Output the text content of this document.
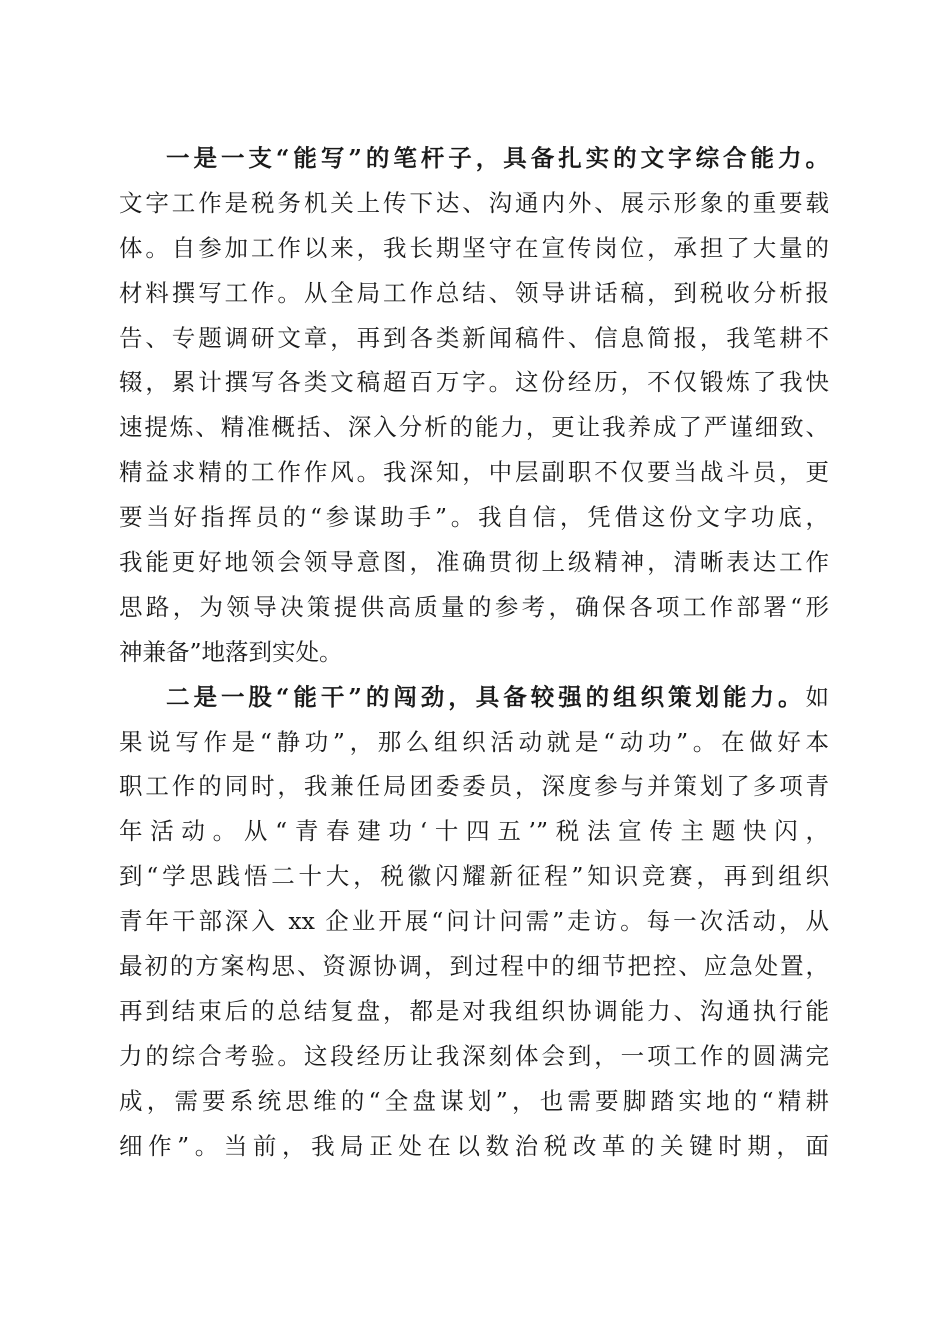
一是一支“能写”的笔杆子，具备扎实的文字综合能力。
文字工作是税务机关上传下达、沟通内外、展示形象的重要载
体。自参加工作以来，我长期坚守在宣传岗位，承担了大量的
材料撰写工作。从全局工作总结、领导讲话稿，到税收分析报
告、专题调研文章，再到各类新闻稿件、信息简报，我笔耕不
辍，累计撰写各类文稿超百万字。这份经历，不仅锻炼了我快
速提炼、精准概括、深入分析的能力，更让我养成了严谨细致、
精益求精的工作作风。我深知，中层副职不仅要当战斗员，更
要当好指挥员的“参谋助手”。我自信，凭借这份文字功底，
我能更好地领会领导意图，准确贯彻上级精神，清晰表达工作
思路，为领导决策提供高质量的参考，确保各项工作部署“形
神兼备”地落到实处。
二是一股“能干”的闯劲，具备较强的组织策划能力。如
果说写作是“静功”，那么组织活动就是“动功”。在做好本
职工作的同时，我兼任局团委委员，深度参与并策划了多项青
年活动。从“青春建功‘十四五’”税法宣传主题快闪，
到“学思践悟二十大，税徽闪耀新征程”知识竞赛，再到组织
青年干部深入 xx 企业开展“问计问需”走访。每一次活动，从
最初的方案构思、资源协调，到过程中的细节把控、应急处置，
再到结束后的总结复盘，都是对我组织协调能力、沟通执行能
力的综合考验。这段经历让我深刻体会到，一项工作的圆满完
成，需要系统思维的“全盘谋划”，也需要脚踏实地的“精耕
细作”。当前，我局正处在以数治税改革的关键时期，面
